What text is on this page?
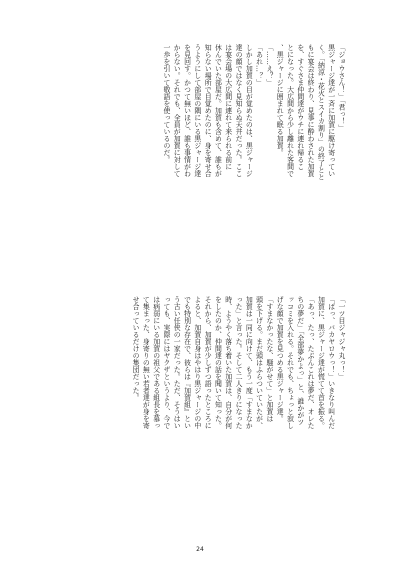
「ジョウさん！」「君っ！」
黒ジャージ達が一斉に加賀に駆け寄ってい
く。「納涼・花火とスイカ割り」の終了とと
もに宴会は終わり、見事に酔わされた加賀
を、すぐさま仲間達がウチに連れ帰るこ
とになった。大広間から少し離れた客間で
、黒ジャージに囲まれて眠る加賀。
「……え？」
「あれ…？」
しかし加賀の目が覚めたのは、黒ジャージ
達の顔ではなく見知らぬ天井だった。ここ
は宴会場の大広間に連れて来られる前に
休んでいた部屋だ。加賀も含めて、誰もが
知らない場所で目覚めたのに、身を寄せ合
うようにして部屋の隅にいる黒ジャージ達
を見回す。かつて無いほど、誰も事情がわ
からない。それでも、全員が加賀に対して
一歩を引いて敬語を使っているのだ。
「一ツ目ジャジャ丸っ！」
「ばっ、バカヤロウっ！」いきなり叫んだ
加賀に、黒ジャージ達が慌てて首を振る。
「あっ、たっ、たぶんこれは夢だ、オレた
ちの夢だ」「全部夢かよっ」と、誰かがツ
ッコミを入れる。それでも、ちょっと寂し
げな顔で加賀を見つめる黒ジャージ達。
「すまなかったな、騒がせて」と加賀は
頭を下げる。まだ頭はふらついていたが、
加賀は一同に向けて、もう一度「すまなか
った」と言った。そして二人きりになった
時、ようやく落ち着いた加賀は、自分が何
をしたのか、仲間達の話を聞いて知った。
それから、加賀が少しずつ語ったところに
よると、加賀自身はやはり黒ジャージの中
でも特別な存在で、彼らは『加賀組』とい
う古い任侠の一家だった。ただ、そうはい
っても、実際にはヤクザというより、今で
は病弱にいる加賀の祖父である組長を慕っ
て集まった、身寄りの無い若者達が身を寄
せ合っているだけの集団だった。
24
